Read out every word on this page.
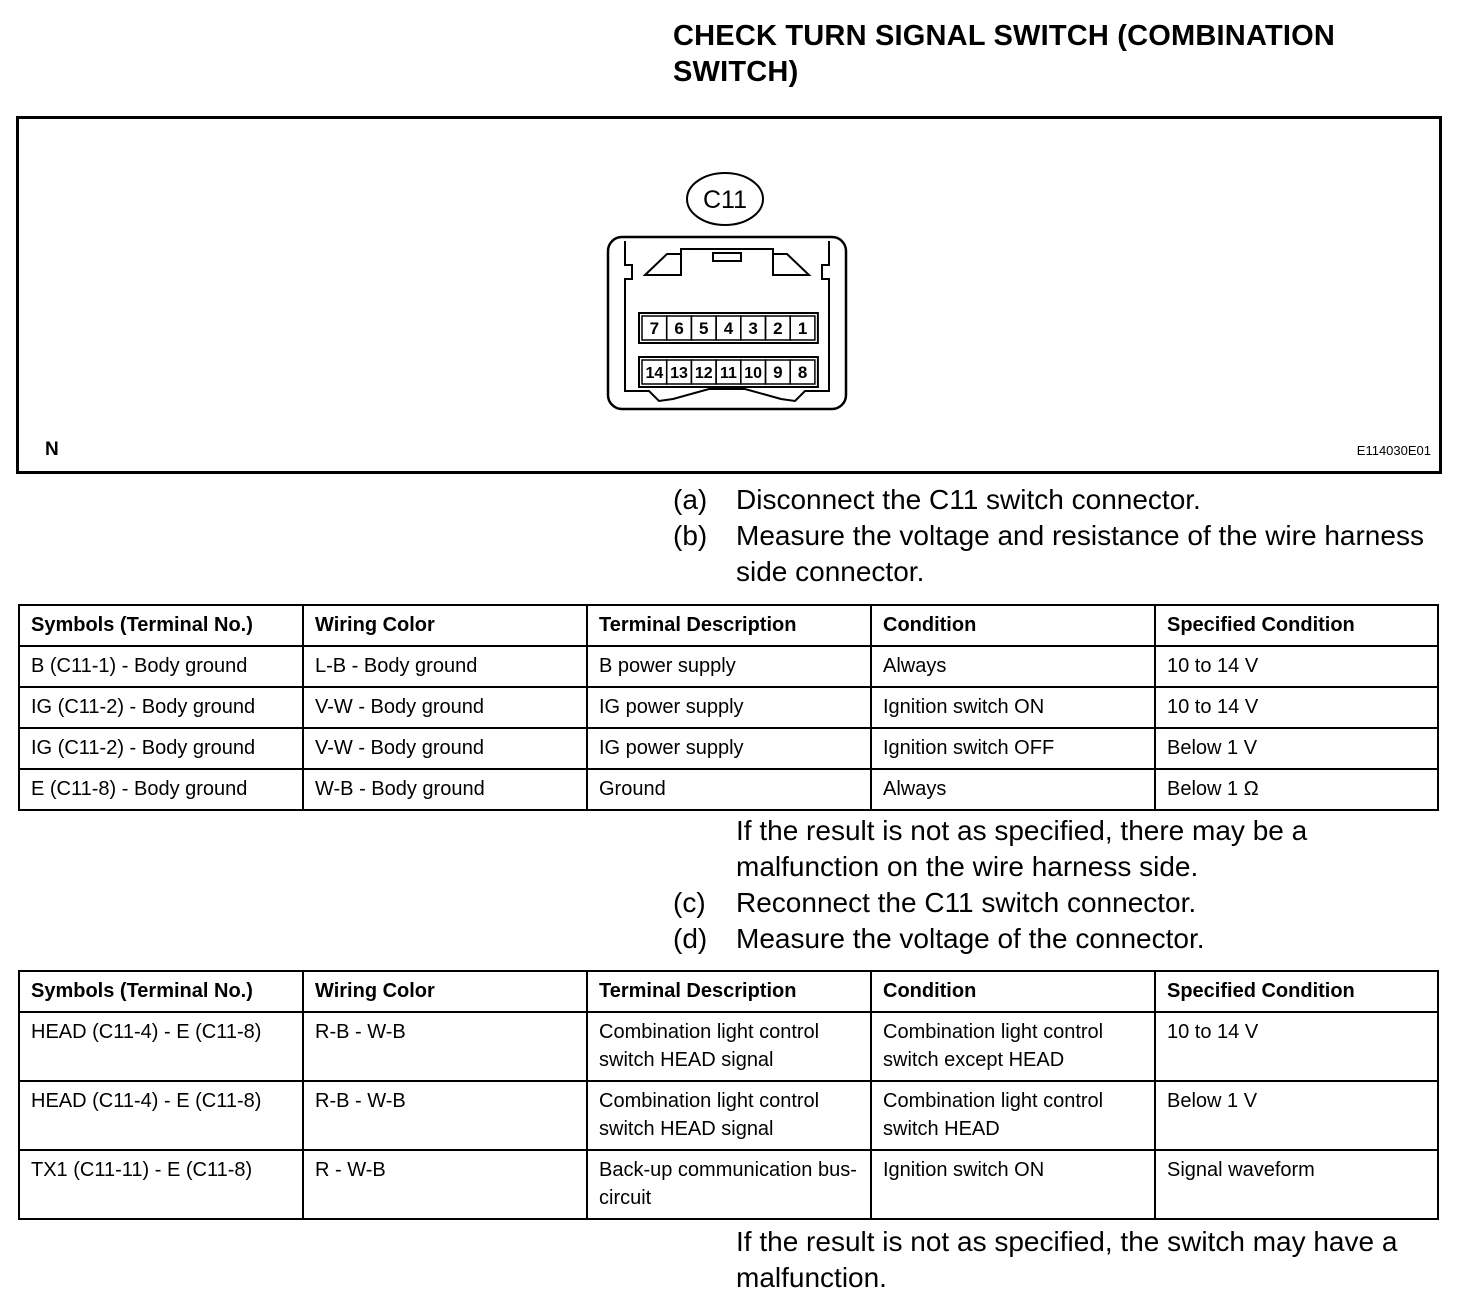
CHECK TURN SIGNAL SWITCH (COMBINATION SWITCH)
C11
7 6 5 4 3 2 1
14 13 12 11 10 9 8
N	E114030E01
(a)	Disconnect the C11 switch connector.
(b)	Measure the voltage and resistance of the wire harness side connector.
Symbols (Terminal No.)	Wiring Color	Terminal Description	Condition	Specified Condition
B (C11-1) - Body ground	L-B - Body ground	B power supply	Always	10 to 14 V
IG (C11-2) - Body ground	V-W - Body ground	IG power supply	Ignition switch ON	10 to 14 V
IG (C11-2) - Body ground	V-W - Body ground	IG power supply	Ignition switch OFF	Below 1 V
E (C11-8) - Body ground	W-B - Body ground	Ground	Always	Below 1 Ω
If the result is not as specified, there may be a malfunction on the wire harness side.
(c)	Reconnect the C11 switch connector.
(d)	Measure the voltage of the connector.
Symbols (Terminal No.)	Wiring Color	Terminal Description	Condition	Specified Condition
HEAD (C11-4) - E (C11-8)	R-B - W-B	Combination light control switch HEAD signal	Combination light control switch except HEAD	10 to 14 V
HEAD (C11-4) - E (C11-8)	R-B - W-B	Combination light control switch HEAD signal	Combination light control switch HEAD	Below 1 V
TX1 (C11-11) - E (C11-8)	R - W-B	Back-up communication bus-circuit	Ignition switch ON	Signal waveform
If the result is not as specified, the switch may have a malfunction.
